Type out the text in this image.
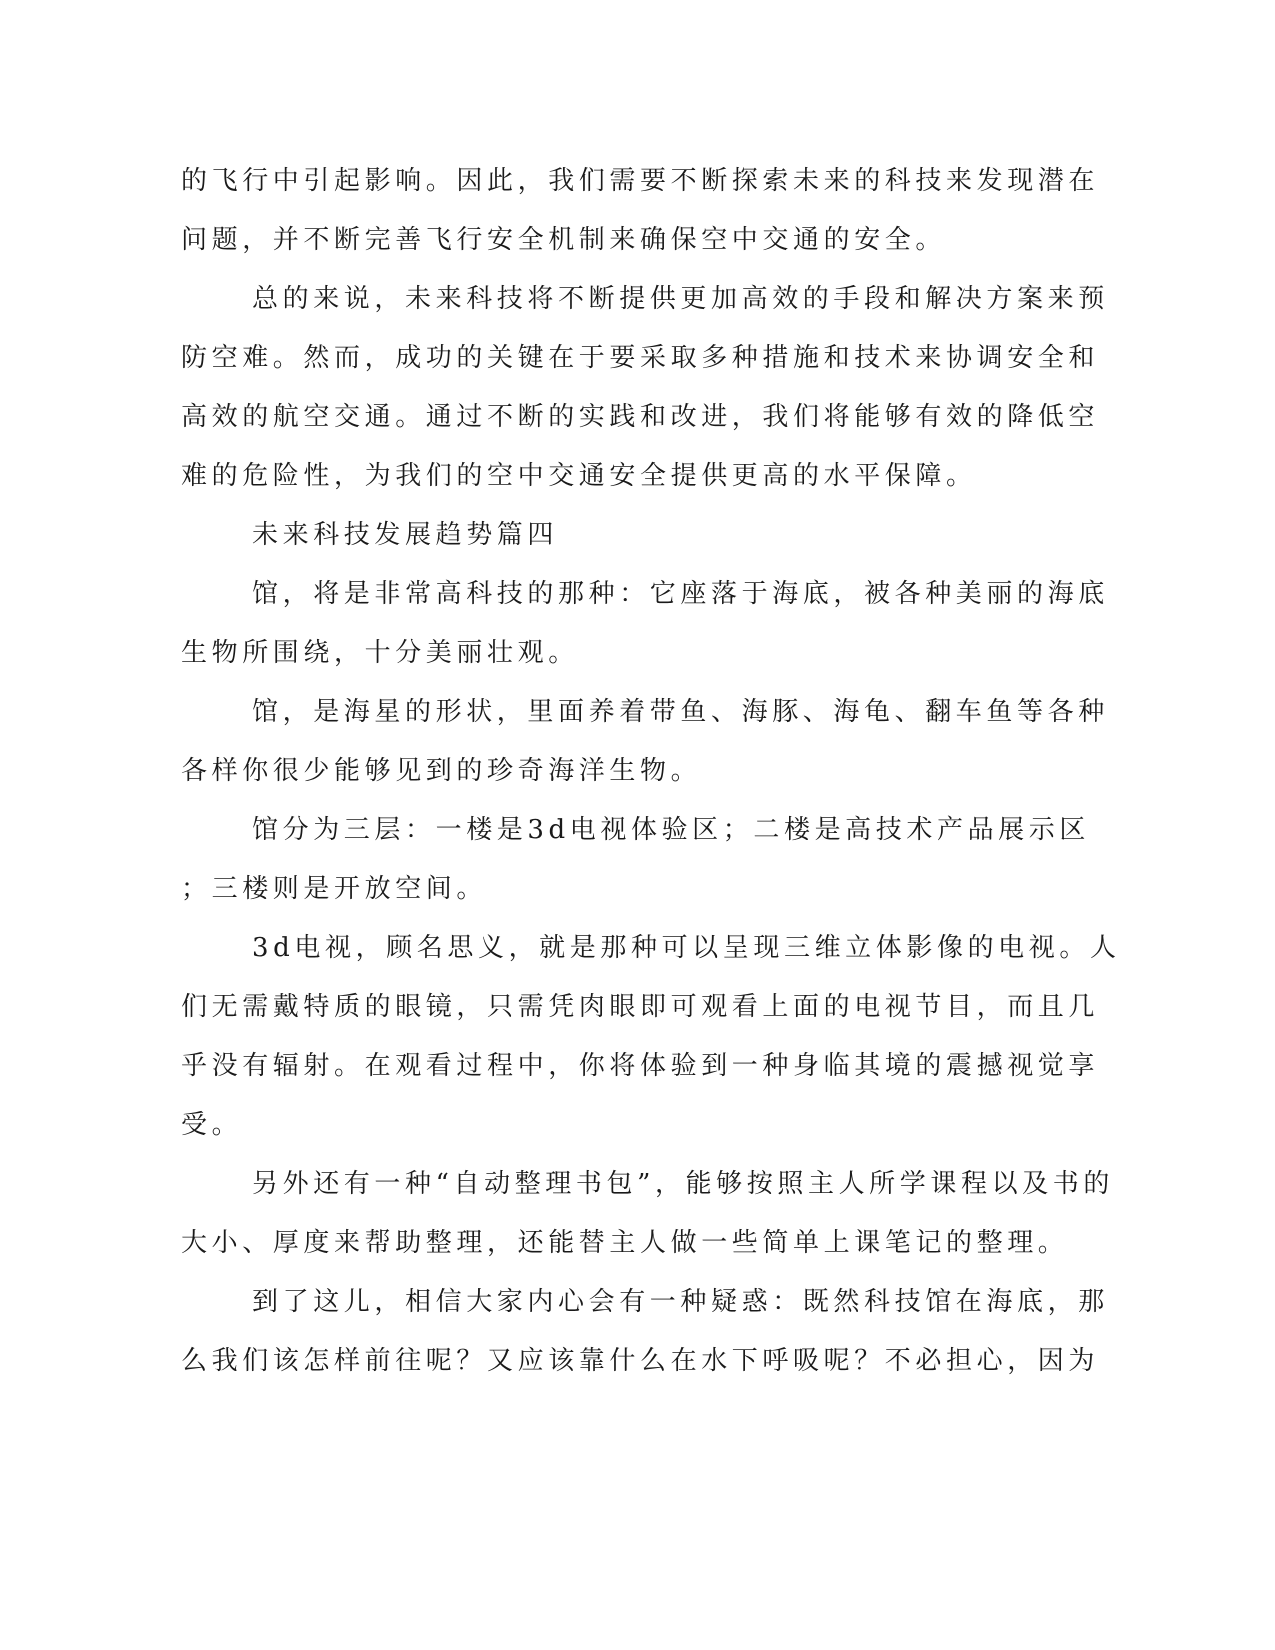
的飞行中引起影响。因此，我们需要不断探索未来的科技来发现潜在
问题，并不断完善飞行安全机制来确保空中交通的安全。
总的来说，未来科技将不断提供更加高效的手段和解决方案来预
防空难。然而，成功的关键在于要采取多种措施和技术来协调安全和
高效的航空交通。通过不断的实践和改进，我们将能够有效的降低空
难的危险性，为我们的空中交通安全提供更高的水平保障。
未来科技发展趋势篇四
馆，将是非常高科技的那种：它座落于海底，被各种美丽的海底
生物所围绕，十分美丽壮观。
馆，是海星的形状，里面养着带鱼、海豚、海龟、翻车鱼等各种
各样你很少能够见到的珍奇海洋生物。
馆分为三层：一楼是3d电视体验区；二楼是高技术产品展示区
；三楼则是开放空间。
3d电视，顾名思义，就是那种可以呈现三维立体影像的电视。人
们无需戴特质的眼镜，只需凭肉眼即可观看上面的电视节目，而且几
乎没有辐射。在观看过程中，你将体验到一种身临其境的震撼视觉享
受。
另外还有一种“自动整理书包”，能够按照主人所学课程以及书的
大小、厚度来帮助整理，还能替主人做一些简单上课笔记的整理。
到了这儿，相信大家内心会有一种疑惑：既然科技馆在海底，那
么我们该怎样前往呢？又应该靠什么在水下呼吸呢？不必担心，因为
